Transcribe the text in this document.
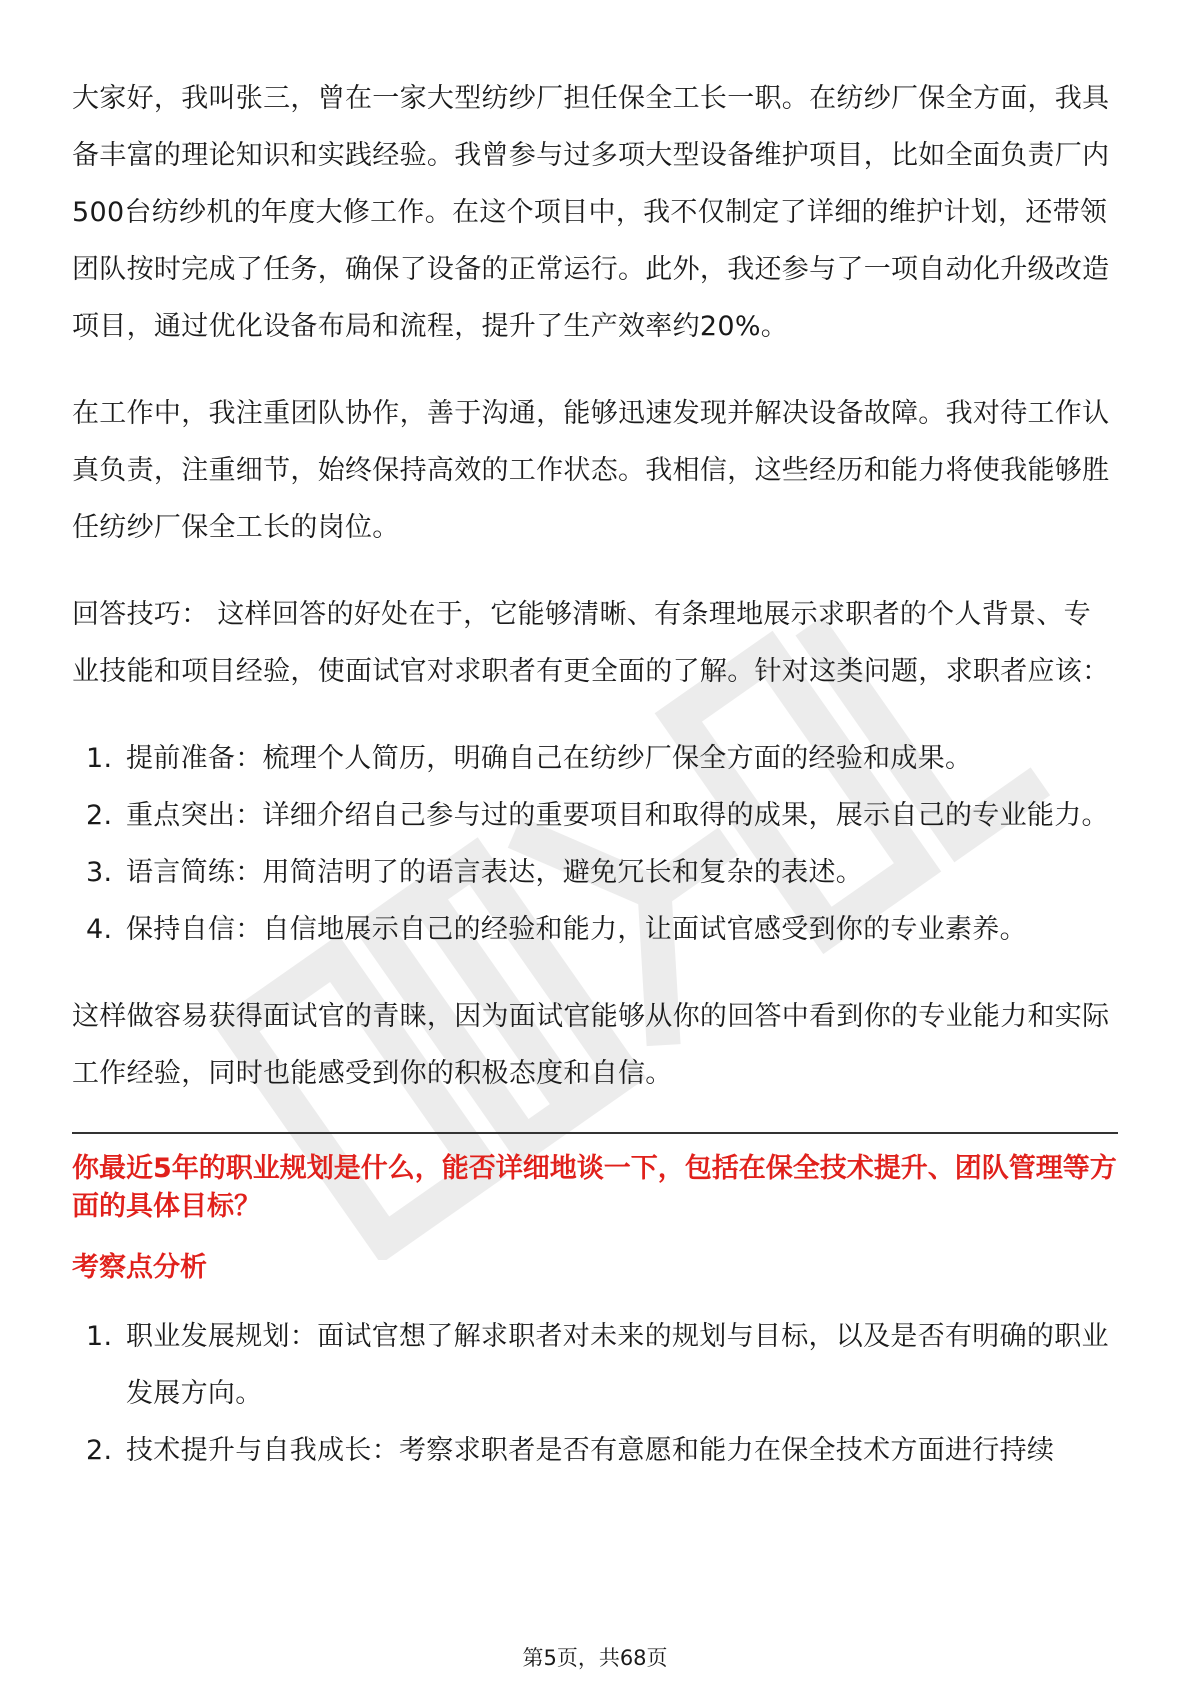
大家好，我叫张三，曾在一家大型纺纱厂担任保全工长一职。在纺纱厂保全方面，我具备丰富的理论知识和实践经验。我曾参与过多项大型设备维护项目，比如全面负责厂内500台纺纱机的年度大修工作。在这个项目中，我不仅制定了详细的维护计划，还带领团队按时完成了任务，确保了设备的正常运行。此外，我还参与了一项自动化升级改造项目，通过优化设备布局和流程，提升了生产效率约20%。

在工作中，我注重团队协作，善于沟通，能够迅速发现并解决设备故障。我对待工作认真负责，注重细节，始终保持高效的工作状态。我相信，这些经历和能力将使我能够胜任纺纱厂保全工长的岗位。

回答技巧： 这样回答的好处在于，它能够清晰、有条理地展示求职者的个人背景、专业技能和项目经验，使面试官对求职者有更全面的了解。针对这类问题，求职者应该：

1. 提前准备：梳理个人简历，明确自己在纺纱厂保全方面的经验和成果。
2. 重点突出：详细介绍自己参与过的重要项目和取得的成果，展示自己的专业能力。
3. 语言简练：用简洁明了的语言表达，避免冗长和复杂的表述。
4. 保持自信：自信地展示自己的经验和能力，让面试官感受到你的专业素养。

这样做容易获得面试官的青睐，因为面试官能够从你的回答中看到你的专业能力和实际工作经验，同时也能感受到你的积极态度和自信。

你最近5年的职业规划是什么，能否详细地谈一下，包括在保全技术提升、团队管理等方面的具体目标？
考察点分析
1. 职业发展规划：面试官想了解求职者对未来的规划与目标，以及是否有明确的职业发展方向。
2. 技术提升与自我成长：考察求职者是否有意愿和能力在保全技术方面进行持续
第5页，共68页
